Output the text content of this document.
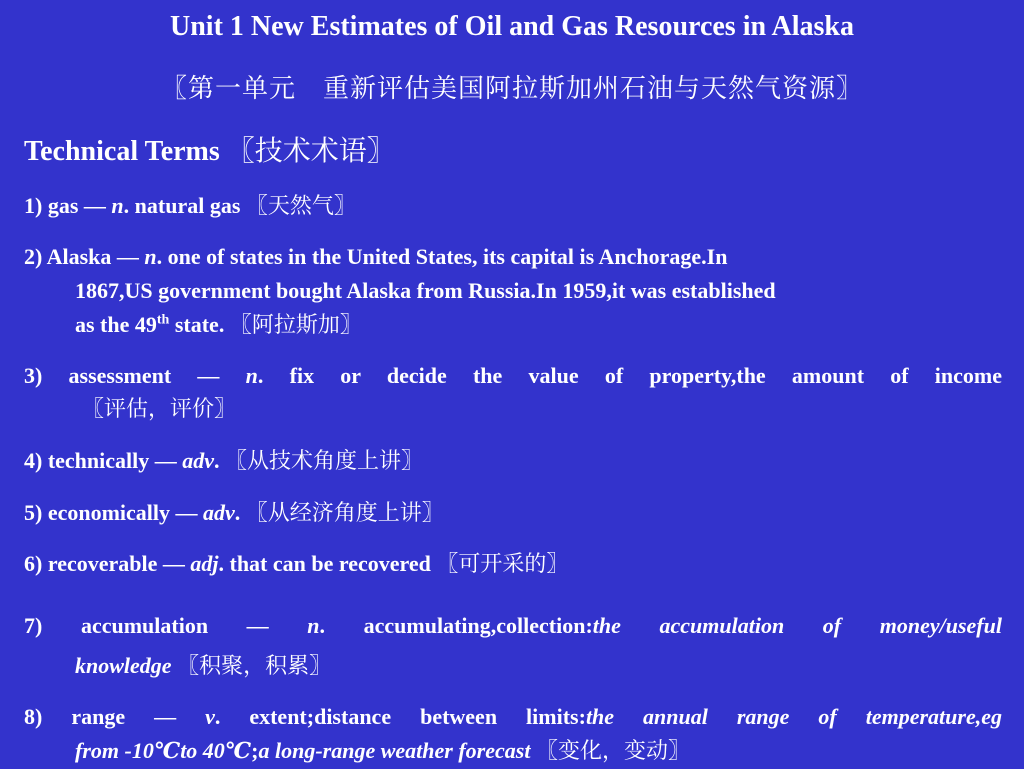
Unit 1 New Estimates of Oil and Gas Resources in Alaska
〖第一单元　重新评估美国阿拉斯加州石油与天然气资源〗
Technical Terms 〖技术术语〗
1) gas — n. natural gas 〖天然气〗
2) Alaska — n. one of states in the United States, its capital is Anchorage.In
1867,US government bought Alaska from Russia.In 1959,it was established
as the 49th state. 〖阿拉斯加〗
3) assessment — n. fix or decide the value of property,the amount of income
〖评估，评价〗
4) technically — adv. 〖从技术角度上讲〗
5) economically — adv. 〖从经济角度上讲〗
6) recoverable — adj. that can be recovered 〖可开采的〗
7) accumulation — n. accumulating,collection:the accumulation of money/useful
knowledge 〖积聚，积累〗
8) range — v. extent;distance between limits:the annual range of temperature,eg
from -10℃to 40℃;a long-range weather forecast 〖变化，变动〗
